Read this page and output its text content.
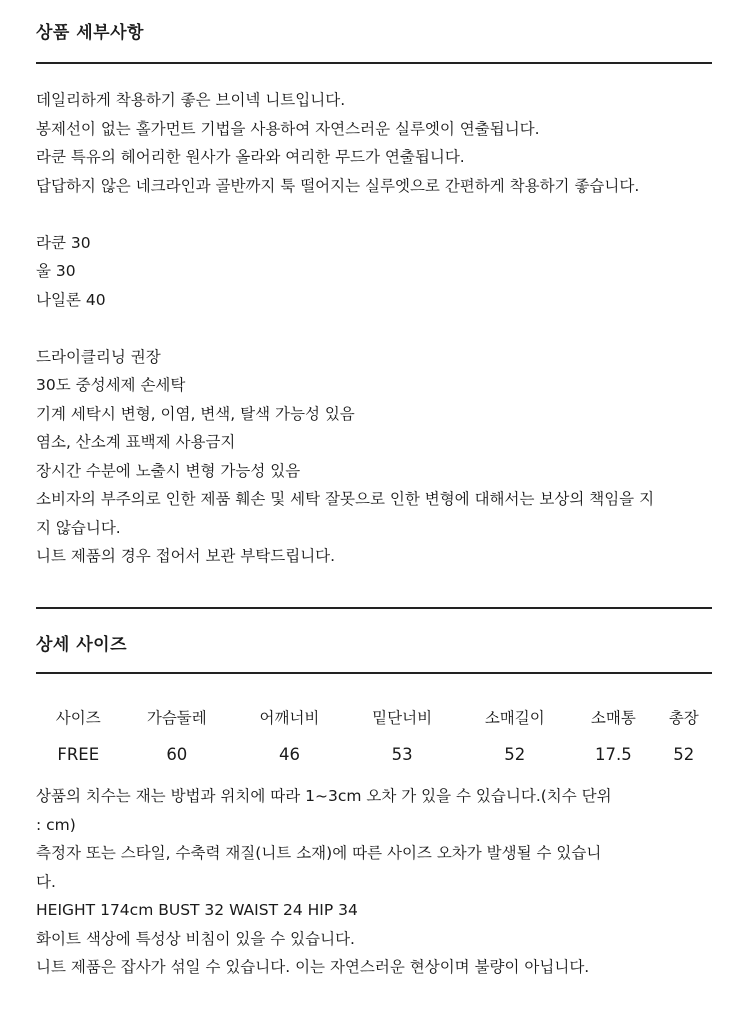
상품 세부사항
데일리하게 착용하기 좋은 브이넥 니트입니다.
봉제선이 없는 홀가먼트 기법을 사용하여 자연스러운 실루엣이 연출됩니다.
라쿤 특유의 헤어리한 원사가 올라와 여리한 무드가 연출됩니다.
답답하지 않은 네크라인과 골반까지 툭 떨어지는 실루엣으로 간편하게 착용하기 좋습니다.
라쿤 30
울 30
나일론 40
드라이클리닝 권장
30도 중성세제 손세탁
기계 세탁시 변형, 이염, 변색, 탈색 가능성 있음
염소, 산소계 표백제 사용금지
장시간 수분에 노출시 변형 가능성 있음
소비자의 부주의로 인한 제품 훼손 및 세탁 잘못으로 인한 변형에 대해서는 보상의 책임을 지
지 않습니다.
니트 제품의 경우 접어서 보관 부탁드립니다.
상세 사이즈
사이즈	가슴둘레	어깨너비	밑단너비	소매길이	소매통	총장
FREE	60	46	53	52	17.5	52
상품의 치수는 재는 방법과 위치에 따라 1~3cm 오차 가 있을 수 있습니다.(치수 단위
: cm)
측정자 또는 스타일, 수축력 재질(니트 소재)에 따른 사이즈 오차가 발생될 수 있습니
다.
HEIGHT 174cm BUST 32 WAIST 24 HIP 34
화이트 색상에 특성상 비침이 있을 수 있습니다.
니트 제품은 잡사가 섞일 수 있습니다. 이는 자연스러운 현상이며 불량이 아닙니다.
